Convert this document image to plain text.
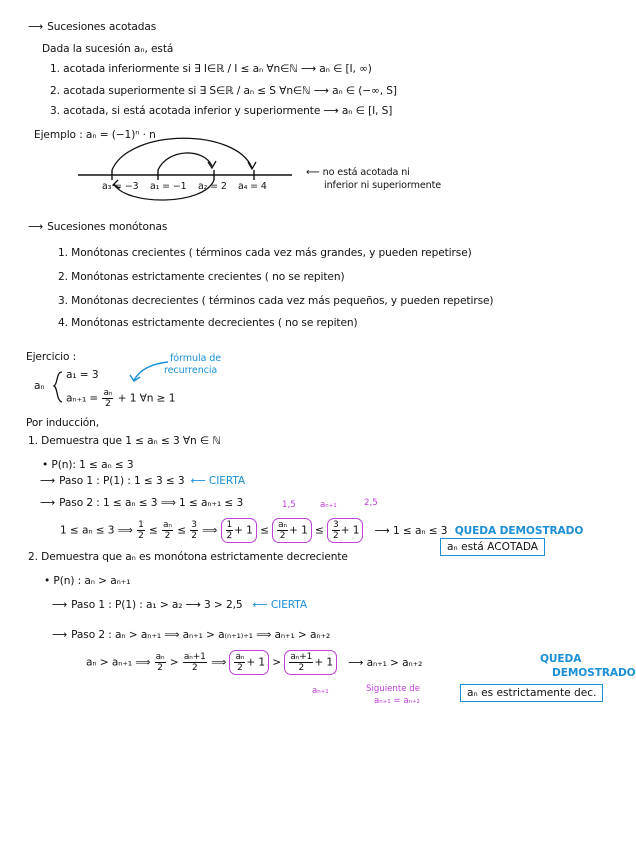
⟶ Sucesiones acotadas
Dada la sucesión aₙ, está
1. acotada inferiormente si ∃ I∈ℝ / I ≤ aₙ ∀n∈ℕ ⟶ aₙ ∈ [I, ∞)
2. acotada superiormente si ∃ S∈ℝ / aₙ ≤ S ∀n∈ℕ ⟶ aₙ ∈ (−∞, S]
3. acotada, si está acotada inferior y superiormente ⟶ aₙ ∈ [I, S]
Ejemplo : aₙ = (−1)ⁿ · n
a₃ = −3 a₁ = −1 a₂ = 2 a₄ = 4
⟵ no está acotada ni
inferior ni superiormente
⟶ Sucesiones monótonas
1. Monótonas crecientes ( términos cada vez más grandes, y pueden repetirse)
2. Monótonas estrictamente crecientes ( no se repiten)
3. Monótonas decrecientes ( términos cada vez más pequeños, y pueden repetirse)
4. Monótonas estrictamente decrecientes ( no se repiten)
Ejercicio :	fórmula de
recurrencia
aₙ
a₁ = 3
$a_{n+1} = \frac{\text{aₙ}}{2} + 1$ ∀n ≥ 1
Por inducción,
1. Demuestra que 1 ≤ aₙ ≤ 3 ∀n ∈ ℕ
• P(n): 1 ≤ aₙ ≤ 3
⟶ Paso 1 : P(1) : 1 ≤ 3 ≤ 3 ⟵ CIERTA
⟶ Paso 2 : 1 ≤ aₙ ≤ 3 ⟹ 1 ≤ aₙ₊₁ ≤ 3	1,5	aₙ₊₁	2,5
1 ≤ aₙ ≤ 3 ⟹ $\frac{1}{2} \le \frac{\text{aₙ}}{2} \le \frac{3}{2}$ ⟹ $\frac{1}{2} + 1 \le \frac{\text{aₙ}}{2} + 1 \le \frac{3}{2} + 1$ ⟶ 1 ≤ aₙ ≤ 3 QUEDA DEMOSTRADO
aₙ está ACOTADA
2. Demuestra que aₙ es monótona estrictamente decreciente
• P(n) : aₙ > aₙ₊₁
⟶ Paso 1 : P(1) : a₁ > a₂ ⟶ 3 > 2,5 ⟵ CIERTA
⟶ Paso 2 : aₙ > aₙ₊₁ ⟹ aₙ₊₁ > a₍ₙ₊₁₎₊₁ ⟹ aₙ₊₁ > aₙ₊₂
aₙ > aₙ₊₁ ⟹ $\frac{\text{aₙ}}{2} > \frac{\text{aₙ+1}}{2}$ ⟹ $\frac{\text{aₙ}}{2} + 1 > \frac{\text{aₙ+1}}{2} + 1$ ⟶ aₙ₊₁ > aₙ₊₂	QUEDA
DEMOSTRADO
aₙ₊₁	Siguiente de
aₙ₊₁ = aₙ₊₂
aₙ es estrictamente dec.
